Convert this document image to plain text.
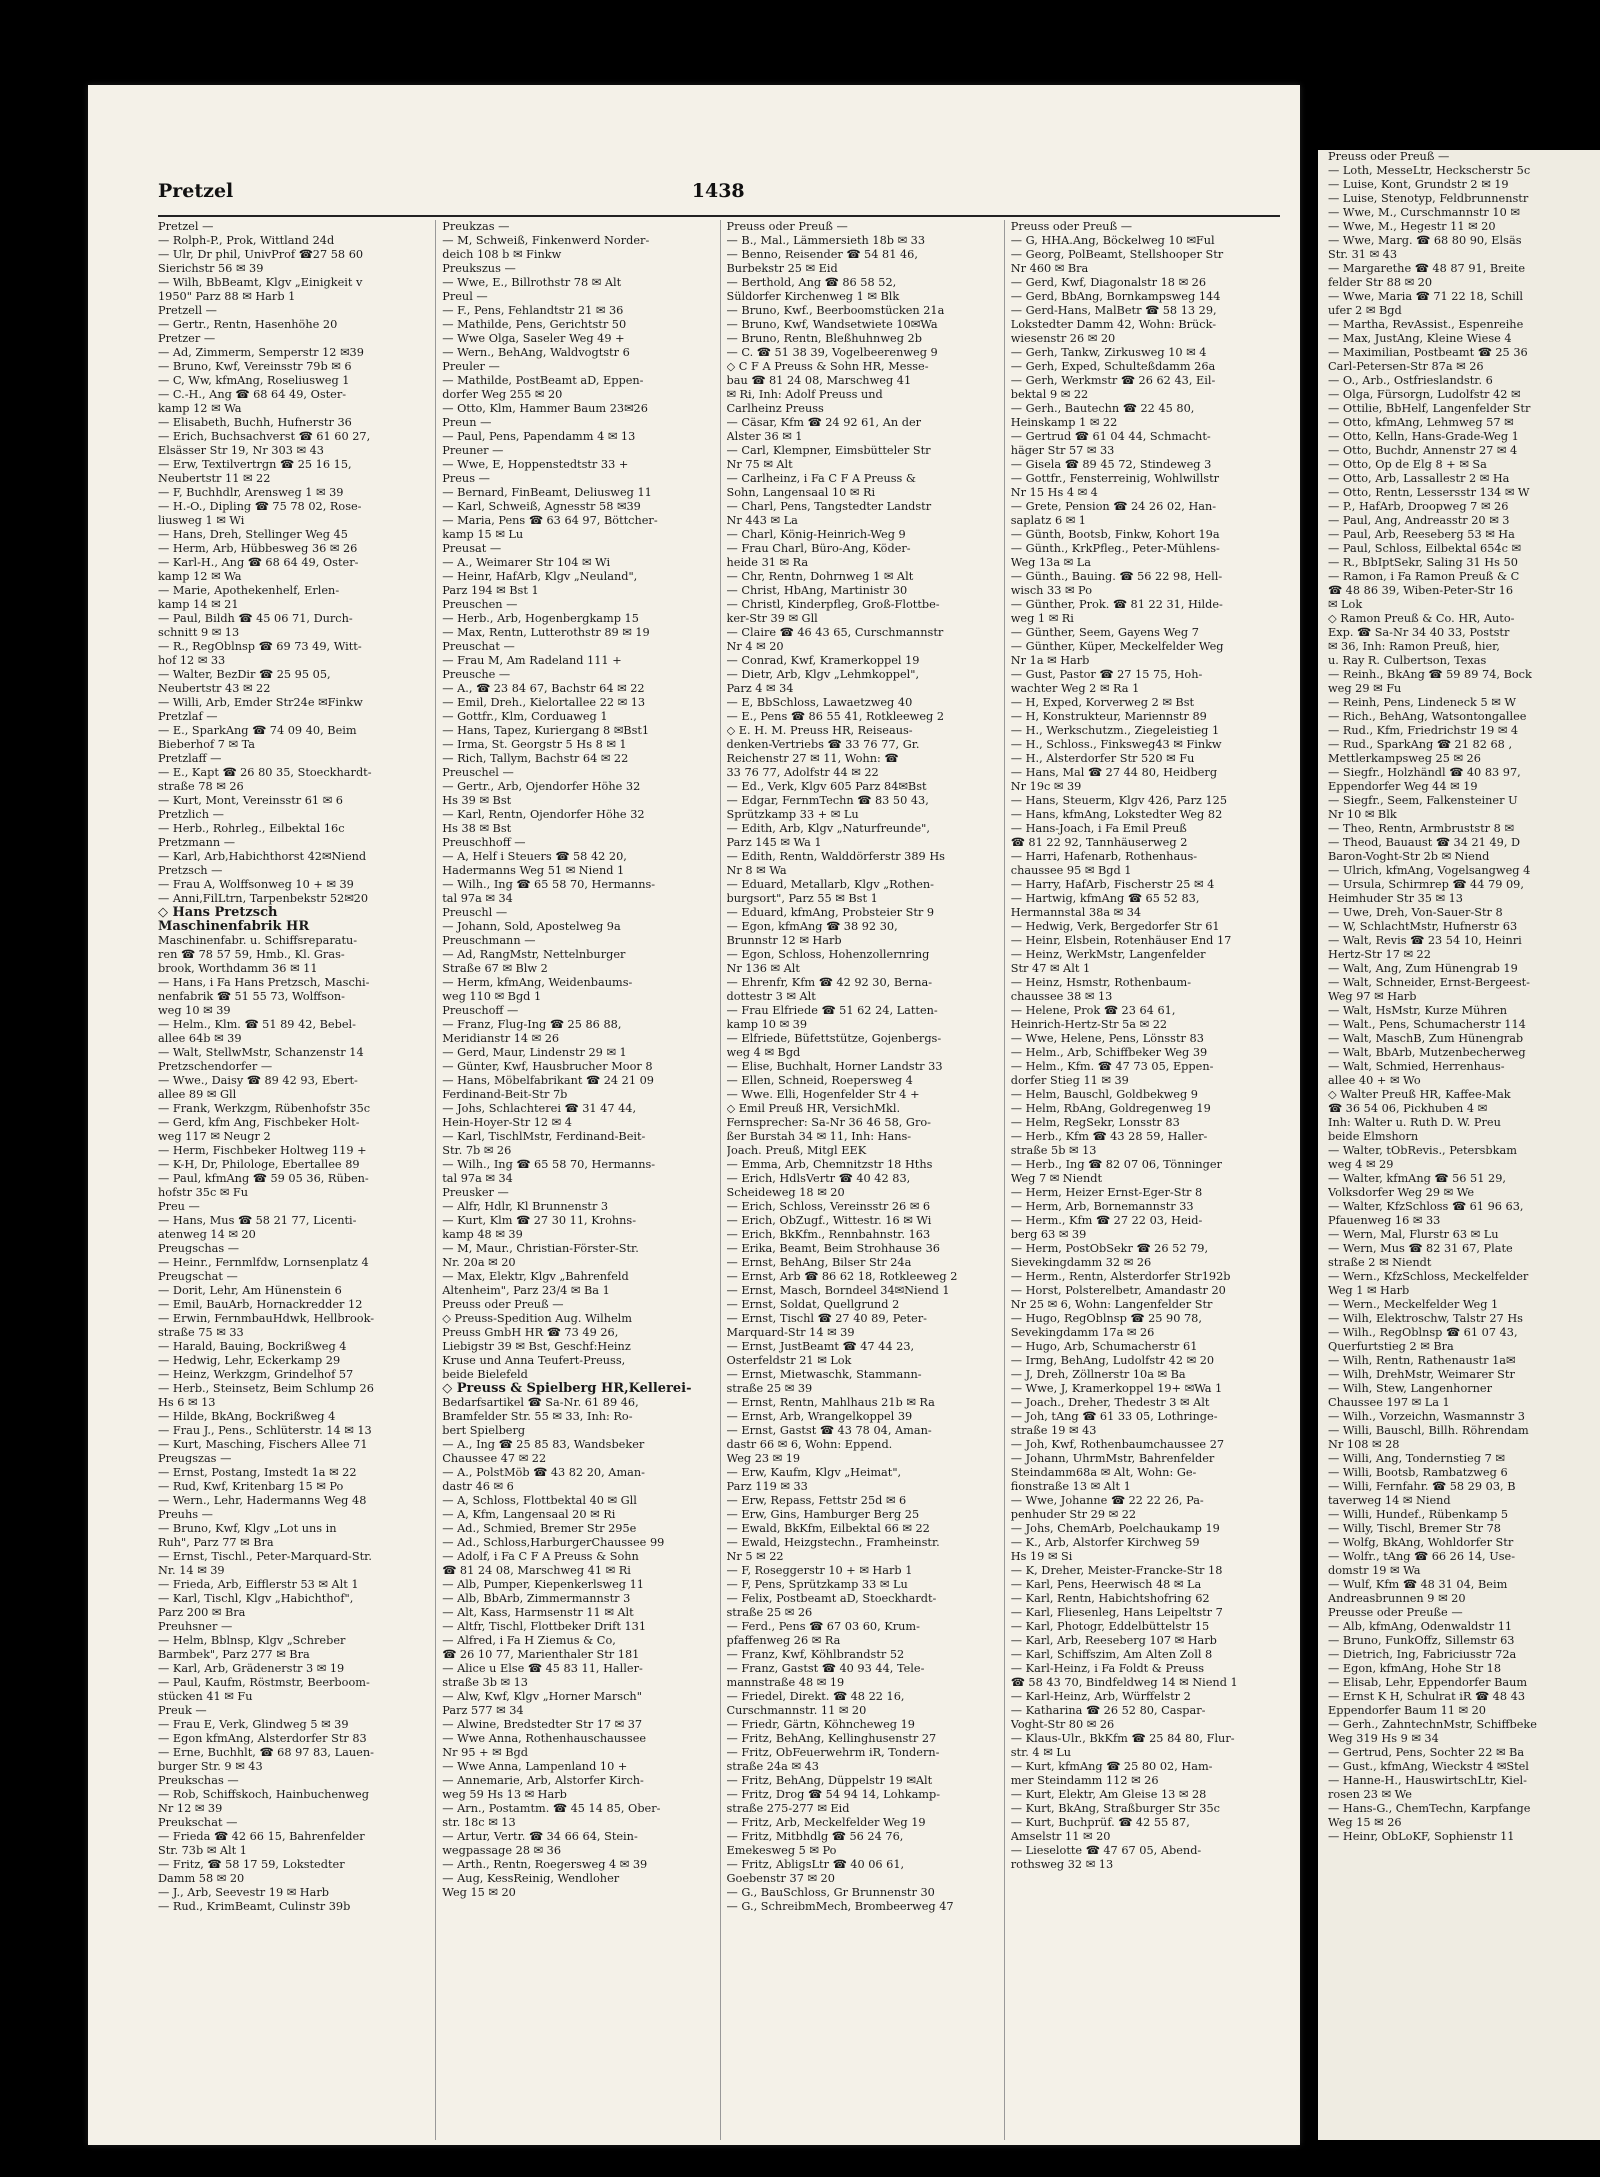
Pretzel	1438
Pretzel —
— Rolph-P., Prok, Wittland 24d
— Ulr, Dr phil, UnivProf ☎27 58 60
Sierichstr 56 ✉ 39
— Wilh, BbBeamt, Klgv „Einigkeit v
1950" Parz 88 ✉ Harb 1
Pretzell —
— Gertr., Rentn, Hasenhöhe 20
Pretzer —
— Ad, Zimmerm, Semperstr 12 ✉39
— Bruno, Kwf, Vereinsstr 79b ✉ 6
— C, Ww, kfmAng, Roseliusweg 1
— C.-H., Ang ☎ 68 64 49, Oster-
kamp 12 ✉ Wa
— Elisabeth, Buchh, Hufnerstr 36
— Erich, Buchsachverst ☎ 61 60 27,
Elsässer Str 19, Nr 303 ✉ 43
— Erw, Textilvertrgn ☎ 25 16 15,
Neubertstr 11 ✉ 22
— F, Buchhdlr, Arensweg 1 ✉ 39
— H.-O., Dipling ☎ 75 78 02, Rose-
liusweg 1 ✉ Wi
— Hans, Dreh, Stellinger Weg 45
— Herm, Arb, Hübbesweg 36 ✉ 26
— Karl-H., Ang ☎ 68 64 49, Oster-
kamp 12 ✉ Wa
— Marie, Apothekenhelf, Erlen-
kamp 14 ✉ 21
— Paul, Bildh ☎ 45 06 71, Durch-
schnitt 9 ✉ 13
— R., RegOblnsp ☎ 69 73 49, Witt-
hof 12 ✉ 33
— Walter, BezDir ☎ 25 95 05,
Neubertstr 43 ✉ 22
— Willi, Arb, Emder Str24e ✉Finkw
Pretzlaf —
— E., SparkAng ☎ 74 09 40, Beim
Bieberhof 7 ✉ Ta
Pretzlaff —
— E., Kapt ☎ 26 80 35, Stoeckhardt-
straße 78 ✉ 26
— Kurt, Mont, Vereinsstr 61 ✉ 6
Pretzlich —
— Herb., Rohrleg., Eilbektal 16c
Pretzmann —
— Karl, Arb,Habichthorst 42✉Niend
Pretzsch —
— Frau A, Wolffsonweg 10 + ✉ 39
— Anni,FilLtrn, Tarpenbekstr 52✉20
◇ Hans Pretzsch
Maschinenfabrik HR
Maschinenfabr. u. Schiffsreparatu-
ren ☎ 78 57 59, Hmb., Kl. Gras-
brook, Worthdamm 36 ✉ 11
— Hans, i Fa Hans Pretzsch, Maschi-
nenfabrik ☎ 51 55 73, Wolffson-
weg 10 ✉ 39
— Helm., Klm. ☎ 51 89 42, Bebel-
allee 64b ✉ 39
— Walt, StellwMstr, Schanzenstr 14
Pretzschendorfer —
— Wwe., Daisy ☎ 89 42 93, Ebert-
allee 89 ✉ Gll
— Frank, Werkzgm, Rübenhofstr 35c
— Gerd, kfm Ang, Fischbeker Holt-
weg 117 ✉ Neugr 2
— Herm, Fischbeker Holtweg 119 +
— K-H, Dr, Philologe, Ebertallee 89
— Paul, kfmAng ☎ 59 05 36, Rüben-
hofstr 35c ✉ Fu
Preu —
— Hans, Mus ☎ 58 21 77, Licenti-
atenweg 14 ✉ 20
Preugschas —
— Heinr., Fernmlfdw, Lornsenplatz 4
Preugschat —
— Dorit, Lehr, Am Hünenstein 6
— Emil, BauArb, Hornackredder 12
— Erwin, FernmbauHdwk, Hellbrook-
straße 75 ✉ 33
— Harald, Bauing, Bockrißweg 4
— Hedwig, Lehr, Eckerkamp 29
— Heinz, Werkzgm, Grindelhof 57
— Herb., Steinsetz, Beim Schlump 26
Hs 6 ✉ 13
— Hilde, BkAng, Bockrißweg 4
— Frau J., Pens., Schlüterstr. 14 ✉ 13
— Kurt, Masching, Fischers Allee 71
Preugszas —
— Ernst, Postang, Imstedt 1a ✉ 22
— Rud, Kwf, Kritenbarg 15 ✉ Po
— Wern., Lehr, Hadermanns Weg 48
Preuhs —
— Bruno, Kwf, Klgv „Lot uns in
Ruh", Parz 77 ✉ Bra
— Ernst, Tischl., Peter-Marquard-Str.
Nr. 14 ✉ 39
— Frieda, Arb, Eifflerstr 53 ✉ Alt 1
— Karl, Tischl, Klgv „Habichthof",
Parz 200 ✉ Bra
Preuhsner —
— Helm, Bblnsp, Klgv „Schreber
Barmbek", Parz 277 ✉ Bra
— Karl, Arb, Grädenerstr 3 ✉ 19
— Paul, Kaufm, Röstmstr, Beerboom-
stücken 41 ✉ Fu
Preuk —
— Frau E, Verk, Glindweg 5 ✉ 39
— Egon kfmAng, Alsterdorfer Str 83
— Erne, Buchhlt, ☎ 68 97 83, Lauen-
burger Str. 9 ✉ 43
Preukschas —
— Rob, Schiffskoch, Hainbuchenweg
Nr 12 ✉ 39
Preukschat —
— Frieda ☎ 42 66 15, Bahrenfelder
Str. 73b ✉ Alt 1
— Fritz, ☎ 58 17 59, Lokstedter
Damm 58 ✉ 20
— J., Arb, Seevestr 19 ✉ Harb
— Rud., KrimBeamt, Culinstr 39b
Preukzas —
— M, Schweiß, Finkenwerd Norder-
deich 108 b ✉ Finkw
Preukszus —
— Wwe, E., Billrothstr 78 ✉ Alt
Preul —
— F., Pens, Fehlandtstr 21 ✉ 36
— Mathilde, Pens, Gerichtstr 50
— Wwe Olga, Saseler Weg 49 +
— Wern., BehAng, Waldvogtstr 6
Preuler —
— Mathilde, PostBeamt aD, Eppen-
dorfer Weg 255 ✉ 20
— Otto, Klm, Hammer Baum 23✉26
Preun —
— Paul, Pens, Papendamm 4 ✉ 13
Preuner —
— Wwe, E, Hoppenstedtstr 33 +
Preus —
— Bernard, FinBeamt, Deliusweg 11
— Karl, Schweiß, Agnesstr 58 ✉39
— Maria, Pens ☎ 63 64 97, Böttcher-
kamp 15 ✉ Lu
Preusat —
— A., Weimarer Str 104 ✉ Wi
— Heinr, HafArb, Klgv „Neuland",
Parz 194 ✉ Bst 1
Preuschen —
— Herb., Arb, Hogenbergkamp 15
— Max, Rentn, Lutterothstr 89 ✉ 19
Preuschat —
— Frau M, Am Radeland 111 +
Preusche —
— A., ☎ 23 84 67, Bachstr 64 ✉ 22
— Emil, Dreh., Kielortallee 22 ✉ 13
— Gottfr., Klm, Corduaweg 1
— Hans, Tapez, Kuriergang 8 ✉Bst1
— Irma, St. Georgstr 5 Hs 8 ✉ 1
— Rich, Tallym, Bachstr 64 ✉ 22
Preuschel —
— Gertr., Arb, Ojendorfer Höhe 32
Hs 39 ✉ Bst
— Karl, Rentn, Ojendorfer Höhe 32
Hs 38 ✉ Bst
Preuschhoff —
— A, Helf i Steuers ☎ 58 42 20,
Hadermanns Weg 51 ✉ Niend 1
— Wilh., Ing ☎ 65 58 70, Hermanns-
tal 97a ✉ 34
Preuschl —
— Johann, Sold, Apostelweg 9a
Preuschmann —
— Ad, RangMstr, Nettelnburger
Straße 67 ✉ Blw 2
— Herm, kfmAng, Weidenbaums-
weg 110 ✉ Bgd 1
Preuschoff —
— Franz, Flug-Ing ☎ 25 86 88,
Meridianstr 14 ✉ 26
— Gerd, Maur, Lindenstr 29 ✉ 1
— Günter, Kwf, Hausbrucher Moor 8
— Hans, Möbelfabrikant ☎ 24 21 09
Ferdinand-Beit-Str 7b
— Johs, Schlachterei ☎ 31 47 44,
Hein-Hoyer-Str 12 ✉ 4
— Karl, TischlMstr, Ferdinand-Beit-
Str. 7b ✉ 26
— Wilh., Ing ☎ 65 58 70, Hermanns-
tal 97a ✉ 34
Preusker —
— Alfr, Hdlr, Kl Brunnenstr 3
— Kurt, Klm ☎ 27 30 11, Krohns-
kamp 48 ✉ 39
— M, Maur., Christian-Förster-Str.
Nr. 20a ✉ 20
— Max, Elektr, Klgv „Bahrenfeld
Altenheim", Parz 23/4 ✉ Ba 1
Preuss oder Preuß —
◇ Preuss-Spedition Aug. Wilhelm
Preuss GmbH HR ☎ 73 49 26,
Liebigstr 39 ✉ Bst, Geschf:Heinz
Kruse und Anna Teufert-Preuss,
beide Bielefeld
◇ Preuss & Spielberg HR,Kellerei-
Bedarfsartikel ☎ Sa-Nr. 61 89 46,
Bramfelder Str. 55 ✉ 33, Inh: Ro-
bert Spielberg
— A., Ing ☎ 25 85 83, Wandsbeker
Chaussee 47 ✉ 22
— A., PolstMöb ☎ 43 82 20, Aman-
dastr 46 ✉ 6
— A, Schloss, Flottbektal 40 ✉ Gll
— A, Kfm, Langensaal 20 ✉ Ri
— Ad., Schmied, Bremer Str 295e
— Ad., Schloss,HarburgerChaussee 99
— Adolf, i Fa C F A Preuss & Sohn
☎ 81 24 08, Marschweg 41 ✉ Ri
— Alb, Pumper, Kiepenkerlsweg 11
— Alb, BbArb, Zimmermannstr 3
— Alt, Kass, Harmsenstr 11 ✉ Alt
— Altfr, Tischl, Flottbeker Drift 131
— Alfred, i Fa H Ziemus & Co,
☎ 26 10 77, Marienthaler Str 181
— Alice u Else ☎ 45 83 11, Haller-
straße 3b ✉ 13
— Alw, Kwf, Klgv „Horner Marsch"
Parz 577 ✉ 34
— Alwine, Bredstedter Str 17 ✉ 37
— Wwe Anna, Rothenhauschaussee
Nr 95 + ✉ Bgd
— Wwe Anna, Lampenland 10 +
— Annemarie, Arb, Alstorfer Kirch-
weg 59 Hs 13 ✉ Harb
— Arn., Postamtm. ☎ 45 14 85, Ober-
str. 18c ✉ 13
— Artur, Vertr. ☎ 34 66 64, Stein-
wegpassage 28 ✉ 36
— Arth., Rentn, Roegersweg 4 ✉ 39
— Aug, KessReinig, Wendloher
Weg 15 ✉ 20
Preuss oder Preuß —
— B., Mal., Lämmersieth 18b ✉ 33
— Benno, Reisender ☎ 54 81 46,
Burbekstr 25 ✉ Eid
— Berthold, Ang ☎ 86 58 52,
Süldorfer Kirchenweg 1 ✉ Blk
— Bruno, Kwf., Beerboomstücken 21a
— Bruno, Kwf, Wandsetwiete 10✉Wa
— Bruno, Rentn, Bleßhuhnweg 2b
— C. ☎ 51 38 39, Vogelbeerenweg 9
◇ C F A Preuss & Sohn HR, Messe-
bau ☎ 81 24 08, Marschweg 41
✉ Ri, Inh: Adolf Preuss und
Carlheinz Preuss
— Cäsar, Kfm ☎ 24 92 61, An der
Alster 36 ✉ 1
— Carl, Klempner, Eimsbütteler Str
Nr 75 ✉ Alt
— Carlheinz, i Fa C F A Preuss &
Sohn, Langensaal 10 ✉ Ri
— Charl, Pens, Tangstedter Landstr
Nr 443 ✉ La
— Charl, König-Heinrich-Weg 9
— Frau Charl, Büro-Ang, Köder-
heide 31 ✉ Ra
— Chr, Rentn, Dohrnweg 1 ✉ Alt
— Christ, HbAng, Martinistr 30
— Christl, Kinderpfleg, Groß-Flottbe-
ker-Str 39 ✉ Gll
— Claire ☎ 46 43 65, Curschmannstr
Nr 4 ✉ 20
— Conrad, Kwf, Kramerkoppel 19
— Dietr, Arb, Klgv „Lehmkoppel",
Parz 4 ✉ 34
— E, BbSchloss, Lawaetzweg 40
— E., Pens ☎ 86 55 41, Rotkleeweg 2
◇ E. H. M. Preuss HR, Reiseaus-
denken-Vertriebs ☎ 33 76 77, Gr.
Reichenstr 27 ✉ 11, Wohn: ☎
33 76 77, Adolfstr 44 ✉ 22
— Ed., Verk, Klgv 605 Parz 84✉Bst
— Edgar, FernmTechn ☎ 83 50 43,
Sprützkamp 33 + ✉ Lu
— Edith, Arb, Klgv „Naturfreunde",
Parz 145 ✉ Wa 1
— Edith, Rentn, Walddörferstr 389 Hs
Nr 8 ✉ Wa
— Eduard, Metallarb, Klgv „Rothen-
burgsort", Parz 55 ✉ Bst 1
— Eduard, kfmAng, Probsteier Str 9
— Egon, kfmAng ☎ 38 92 30,
Brunnstr 12 ✉ Harb
— Egon, Schloss, Hohenzollernring
Nr 136 ✉ Alt
— Ehrenfr, Kfm ☎ 42 92 30, Berna-
dottestr 3 ✉ Alt
— Frau Elfriede ☎ 51 62 24, Latten-
kamp 10 ✉ 39
— Elfriede, Büfettstütze, Gojenbergs-
weg 4 ✉ Bgd
— Elise, Buchhalt, Horner Landstr 33
— Ellen, Schneid, Roepersweg 4
— Wwe. Elli, Hogenfelder Str 4 +
◇ Emil Preuß HR, VersichMkl.
Fernsprecher: Sa-Nr 36 46 58, Gro-
ßer Burstah 34 ✉ 11, Inh: Hans-
Joach. Preuß, Mitgl EEK
— Emma, Arb, Chemnitzstr 18 Hths
— Erich, HdlsVertr ☎ 40 42 83,
Scheideweg 18 ✉ 20
— Erich, Schloss, Vereinsstr 26 ✉ 6
— Erich, ObZugf., Wittestr. 16 ✉ Wi
— Erich, BkKfm., Rennbahnstr. 163
— Erika, Beamt, Beim Strohhause 36
— Ernst, BehAng, Bilser Str 24a
— Ernst, Arb ☎ 86 62 18, Rotkleeweg 2
— Ernst, Masch, Borndeel 34✉Niend 1
— Ernst, Soldat, Quellgrund 2
— Ernst, Tischl ☎ 27 40 89, Peter-
Marquard-Str 14 ✉ 39
— Ernst, JustBeamt ☎ 47 44 23,
Osterfeldstr 21 ✉ Lok
— Ernst, Mietwaschk, Stammann-
straße 25 ✉ 39
— Ernst, Rentn, Mahlhaus 21b ✉ Ra
— Ernst, Arb, Wrangelkoppel 39
— Ernst, Gastst ☎ 43 78 04, Aman-
dastr 66 ✉ 6, Wohn: Eppend.
Weg 23 ✉ 19
— Erw, Kaufm, Klgv „Heimat",
Parz 119 ✉ 33
— Erw, Repass, Fettstr 25d ✉ 6
— Erw, Gins, Hamburger Berg 25
— Ewald, BkKfm, Eilbektal 66 ✉ 22
— Ewald, Heizgstechn., Framheinstr.
Nr 5 ✉ 22
— F, Roseggerstr 10 + ✉ Harb 1
— F, Pens, Sprützkamp 33 ✉ Lu
— Felix, Postbeamt aD, Stoeckhardt-
straße 25 ✉ 26
— Ferd., Pens ☎ 67 03 60, Krum-
pfaffenweg 26 ✉ Ra
— Franz, Kwf, Köhlbrandstr 52
— Franz, Gastst ☎ 40 93 44, Tele-
mannstraße 48 ✉ 19
— Friedel, Direkt. ☎ 48 22 16,
Curschmannstr. 11 ✉ 20
— Friedr, Gärtn, Köhncheweg 19
— Fritz, BehAng, Kellinghusenstr 27
— Fritz, ObFeuerwehrm iR, Tondern-
straße 24a ✉ 43
— Fritz, BehAng, Düppelstr 19 ✉Alt
— Fritz, Drog ☎ 54 94 14, Lohkamp-
straße 275-277 ✉ Eid
— Fritz, Arb, Meckelfelder Weg 19
— Fritz, Mitbhdlg ☎ 56 24 76,
Emekesweg 5 ✉ Po
— Fritz, AbligsLtr ☎ 40 06 61,
Goebenstr 37 ✉ 20
— G., BauSchloss, Gr Brunnenstr 30
— G., SchreibmMech, Brombeerweg 47
Preuss oder Preuß —
— G, HHA.Ang, Böckelweg 10 ✉Ful
— Georg, PolBeamt, Stellshooper Str
Nr 460 ✉ Bra
— Gerd, Kwf, Diagonalstr 18 ✉ 26
— Gerd, BbAng, Bornkampsweg 144
— Gerd-Hans, MalBetr ☎ 58 13 29,
Lokstedter Damm 42, Wohn: Brück-
wiesenstr 26 ✉ 20
— Gerh, Tankw, Zirkusweg 10 ✉ 4
— Gerh, Exped, Schulteßdamm 26a
— Gerh, Werkmstr ☎ 26 62 43, Eil-
bektal 9 ✉ 22
— Gerh., Bautechn ☎ 22 45 80,
Heinskamp 1 ✉ 22
— Gertrud ☎ 61 04 44, Schmacht-
häger Str 57 ✉ 33
— Gisela ☎ 89 45 72, Stindeweg 3
— Gottfr., Fensterreinig, Wohlwillstr
Nr 15 Hs 4 ✉ 4
— Grete, Pension ☎ 24 26 02, Han-
saplatz 6 ✉ 1
— Günth, Bootsb, Finkw, Kohort 19a
— Günth., KrkPfleg., Peter-Mühlens-
Weg 13a ✉ La
— Günth., Bauing. ☎ 56 22 98, Hell-
wisch 33 ✉ Po
— Günther, Prok. ☎ 81 22 31, Hilde-
weg 1 ✉ Ri
— Günther, Seem, Gayens Weg 7
— Günther, Küper, Meckelfelder Weg
Nr 1a ✉ Harb
— Gust, Pastor ☎ 27 15 75, Hoh-
wachter Weg 2 ✉ Ra 1
— H, Exped, Korverweg 2 ✉ Bst
— H, Konstrukteur, Mariennstr 89
— H., Werkschutzm., Ziegeleistieg 1
— H., Schloss., Finksweg43 ✉ Finkw
— H., Alsterdorfer Str 520 ✉ Fu
— Hans, Mal ☎ 27 44 80, Heidberg
Nr 19c ✉ 39
— Hans, Steuerm, Klgv 426, Parz 125
— Hans, kfmAng, Lokstedter Weg 82
— Hans-Joach, i Fa Emil Preuß
☎ 81 22 92, Tannhäuserweg 2
— Harri, Hafenarb, Rothenhaus-
chaussee 95 ✉ Bgd 1
— Harry, HafArb, Fischerstr 25 ✉ 4
— Hartwig, kfmAng ☎ 65 52 83,
Hermannstal 38a ✉ 34
— Hedwig, Verk, Bergedorfer Str 61
— Heinr, Elsbein, Rotenhäuser End 17
— Heinz, WerkMstr, Langenfelder
Str 47 ✉ Alt 1
— Heinz, Hsmstr, Rothenbaum-
chaussee 38 ✉ 13
— Helene, Prok ☎ 23 64 61,
Heinrich-Hertz-Str 5a ✉ 22
— Wwe, Helene, Pens, Lönsstr 83
— Helm., Arb, Schiffbeker Weg 39
— Helm., Kfm. ☎ 47 73 05, Eppen-
dorfer Stieg 11 ✉ 39
— Helm, Bauschl, Goldbekweg 9
— Helm, RbAng, Goldregenweg 19
— Helm, RegSekr, Lonsstr 83
— Herb., Kfm ☎ 43 28 59, Haller-
straße 5b ✉ 13
— Herb., Ing ☎ 82 07 06, Tönninger
Weg 7 ✉ Niendt
— Herm, Heizer Ernst-Eger-Str 8
— Herm, Arb, Bornemannstr 33
— Herm., Kfm ☎ 27 22 03, Heid-
berg 63 ✉ 39
— Herm, PostObSekr ☎ 26 52 79,
Sievekingdamm 32 ✉ 26
— Herm., Rentn, Alsterdorfer Str192b
— Horst, Polsterelbetr, Amandastr 20
Nr 25 ✉ 6, Wohn: Langenfelder Str
— Hugo, RegOblnsp ☎ 25 90 78,
Sevekingdamm 17a ✉ 26
— Hugo, Arb, Schumacherstr 61
— Irmg, BehAng, Ludolfstr 42 ✉ 20
— J, Dreh, Zöllnerstr 10a ✉ Ba
— Wwe, J, Kramerkoppel 19+ ✉Wa 1
— Joach., Dreher, Thedestr 3 ✉ Alt
— Joh, tAng ☎ 61 33 05, Lothringe-
straße 19 ✉ 43
— Joh, Kwf, Rothenbaumchaussee 27
— Johann, UhrmMstr, Bahrenfelder
Steindamm68a ✉ Alt, Wohn: Ge-
fionstraße 13 ✉ Alt 1
— Wwe, Johanne ☎ 22 22 26, Pa-
penhuder Str 29 ✉ 22
— Johs, ChemArb, Poelchaukamp 19
— K., Arb, Alstorfer Kirchweg 59
Hs 19 ✉ Si
— K, Dreher, Meister-Francke-Str 18
— Karl, Pens, Heerwisch 48 ✉ La
— Karl, Rentn, Habichtshofring 62
— Karl, Fliesenleg, Hans Leipeltstr 7
— Karl, Photogr, Eddelbüttelstr 15
— Karl, Arb, Reeseberg 107 ✉ Harb
— Karl, Schiffszim, Am Alten Zoll 8
— Karl-Heinz, i Fa Foldt & Preuss
☎ 58 43 70, Bindfeldweg 14 ✉ Niend 1
— Karl-Heinz, Arb, Würffelstr 2
— Katharina ☎ 26 52 80, Caspar-
Voght-Str 80 ✉ 26
— Klaus-Ulr., BkKfm ☎ 25 84 80, Flur-
str. 4 ✉ Lu
— Kurt, kfmAng ☎ 25 80 02, Ham-
mer Steindamm 112 ✉ 26
— Kurt, Elektr, Am Gleise 13 ✉ 28
— Kurt, BkAng, Straßburger Str 35c
— Kurt, Buchprüf. ☎ 42 55 87,
Amselstr 11 ✉ 20
— Lieselotte ☎ 47 67 05, Abend-
rothsweg 32 ✉ 13
Preuss oder Preuß —
— Loth, MesseLtr, Heckscherstr 5c
— Luise, Kont, Grundstr 2 ✉ 19
— Luise, Stenotyp, Feldbrunnenstr
— Wwe, M., Curschmannstr 10 ✉
— Wwe, M., Hegestr 11 ✉ 20
— Wwe, Marg. ☎ 68 80 90, Elsäs
Str. 31 ✉ 43
— Margarethe ☎ 48 87 91, Breite
felder Str 88 ✉ 20
— Wwe, Maria ☎ 71 22 18, Schill
ufer 2 ✉ Bgd
— Martha, RevAssist., Espenreihe
— Max, JustAng, Kleine Wiese 4
— Maximilian, Postbeamt ☎ 25 36
Carl-Petersen-Str 87a ✉ 26
— O., Arb., Ostfrieslandstr. 6
— Olga, Fürsorgn, Ludolfstr 42 ✉
— Ottilie, BbHelf, Langenfelder Str
— Otto, kfmAng, Lehmweg 57 ✉
— Otto, Kelln, Hans-Grade-Weg 1
— Otto, Buchdr, Annenstr 27 ✉ 4
— Otto, Op de Elg 8 + ✉ Sa
— Otto, Arb, Lassallestr 2 ✉ Ha
— Otto, Rentn, Lessersstr 134 ✉ W
— P., HafArb, Droopweg 7 ✉ 26
— Paul, Ang, Andreasstr 20 ✉ 3
— Paul, Arb, Reeseberg 53 ✉ Ha
— Paul, Schloss, Eilbektal 654c ✉
— R., BbIptSekr, Saling 31 Hs 50
— Ramon, i Fa Ramon Preuß & C
☎ 48 86 39, Wiben-Peter-Str 16
✉ Lok
◇ Ramon Preuß & Co. HR, Auto-
Exp. ☎ Sa-Nr 34 40 33, Poststr
✉ 36, Inh: Ramon Preuß, hier,
u. Ray R. Culbertson, Texas
— Reinh., BkAng ☎ 59 89 74, Bock
weg 29 ✉ Fu
— Reinh, Pens, Lindeneck 5 ✉ W
— Rich., BehAng, Watsontongallee
— Rud., Kfm, Friedrichstr 19 ✉ 4
— Rud., SparkAng ☎ 21 82 68 ,
Mettlerkampsweg 25 ✉ 26
— Siegfr., Holzhändl ☎ 40 83 97,
Eppendorfer Weg 44 ✉ 19
— Siegfr., Seem, Falkensteiner U
Nr 10 ✉ Blk
— Theo, Rentn, Armbruststr 8 ✉
— Theod, Bauaust ☎ 34 21 49, D
Baron-Voght-Str 2b ✉ Niend
— Ulrich, kfmAng, Vogelsangweg 4
— Ursula, Schirmrep ☎ 44 79 09,
Heimhuder Str 35 ✉ 13
— Uwe, Dreh, Von-Sauer-Str 8
— W, SchlachtMstr, Hufnerstr 63
— Walt, Revis ☎ 23 54 10, Heinri
Hertz-Str 17 ✉ 22
— Walt, Ang, Zum Hünengrab 19
— Walt, Schneider, Ernst-Bergeest-
Weg 97 ✉ Harb
— Walt, HsMstr, Kurze Mühren
— Walt., Pens, Schumacherstr 114
— Walt, MaschB, Zum Hünengrab
— Walt, BbArb, Mutzenbecherweg
— Walt, Schmied, Herrenhaus-
allee 40 + ✉ Wo
◇ Walter Preuß HR, Kaffee-Mak
☎ 36 54 06, Pickhuben 4 ✉
Inh: Walter u. Ruth D. W. Preu
beide Elmshorn
— Walter, tObRevis., Petersbkam
weg 4 ✉ 29
— Walter, kfmAng ☎ 56 51 29,
Volksdorfer Weg 29 ✉ We
— Walter, KfzSchloss ☎ 61 96 63,
Pfauenweg 16 ✉ 33
— Wern, Mal, Flurstr 63 ✉ Lu
— Wern, Mus ☎ 82 31 67, Plate
straße 2 ✉ Niendt
— Wern., KfzSchloss, Meckelfelder
Weg 1 ✉ Harb
— Wern., Meckelfelder Weg 1
— Wilh, Elektroschw, Talstr 27 Hs
— Wilh., RegOblnsp ☎ 61 07 43,
Querfurtstieg 2 ✉ Bra
— Wilh, Rentn, Rathenaustr 1a✉
— Wilh, DrehMstr, Weimarer Str
— Wilh, Stew, Langenhorner
Chaussee 197 ✉ La 1
— Wilh., Vorzeichn, Wasmannstr 3
— Willi, Bauschl, Billh. Röhrendam
Nr 108 ✉ 28
— Willi, Ang, Tondernstieg 7 ✉
— Willi, Bootsb, Rambatzweg 6
— Willi, Fernfahr. ☎ 58 29 03, B
taverweg 14 ✉ Niend
— Willi, Hundef., Rübenkamp 5
— Willy, Tischl, Bremer Str 78
— Wolfg, BkAng, Wohldorfer Str
— Wolfr., tAng ☎ 66 26 14, Use-
domstr 19 ✉ Wa
— Wulf, Kfm ☎ 48 31 04, Beim
Andreasbrunnen 9 ✉ 20
Preusse oder Preuße —
— Alb, kfmAng, Odenwaldstr 11
— Bruno, FunkOffz, Sillemstr 63
— Dietrich, Ing, Fabriciusstr 72a
— Egon, kfmAng, Hohe Str 18
— Elisab, Lehr, Eppendorfer Baum
— Ernst K H, Schulrat iR ☎ 48 43
Eppendorfer Baum 11 ✉ 20
— Gerh., ZahntechnMstr, Schiffbeke
Weg 319 Hs 9 ✉ 34
— Gertrud, Pens, Sochter 22 ✉ Ba
— Gust., kfmAng, Wieckstr 4 ✉Stel
— Hanne-H., HauswirtschLtr, Kiel-
rosen 23 ✉ We
— Hans-G., ChemTechn, Karpfange
Weg 15 ✉ 26
— Heinr, ObLoKF, Sophienstr 11
